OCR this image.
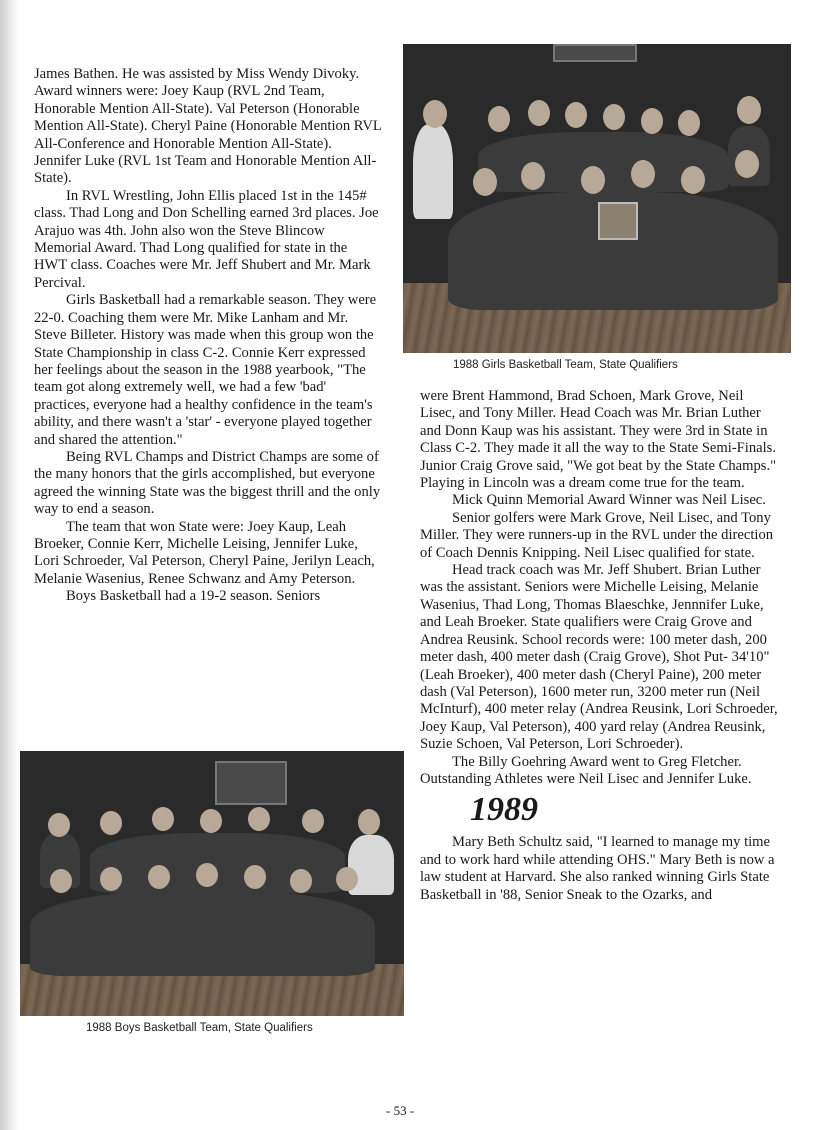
James Bathen. He was assisted by Miss Wendy Divoky. Award winners were: Joey Kaup (RVL 2nd Team, Honorable Mention All-State). Val Peterson (Honorable Mention All-State). Cheryl Paine (Honorable Mention RVL All-Conference and Honorable Mention All-State). Jennifer Luke (RVL 1st Team and Honorable Mention All-State).

In RVL Wrestling, John Ellis placed 1st in the 145# class. Thad Long and Don Schelling earned 3rd places. Joe Arajuo was 4th. John also won the Steve Blincow Memorial Award. Thad Long qualified for state in the HWT class. Coaches were Mr. Jeff Shubert and Mr. Mark Percival.

Girls Basketball had a remarkable season. They were 22-0. Coaching them were Mr. Mike Lanham and Mr. Steve Billeter. History was made when this group won the State Championship in class C-2. Connie Kerr expressed her feelings about the season in the 1988 yearbook, "The team got along extremely well, we had a few 'bad' practices, everyone had a healthy confidence in the team's ability, and there wasn't a 'star' - everyone played together and shared the attention."

Being RVL Champs and District Champs are some of the many honors that the girls accomplished, but everyone agreed the winning State was the biggest thrill and the only way to end a season.

The team that won State were: Joey Kaup, Leah Broeker, Connie Kerr, Michelle Leising, Jennifer Luke, Lori Schroeder, Val Peterson, Cheryl Paine, Jerilyn Leach, Melanie Wasenius, Renee Schwanz and Amy Peterson.

Boys Basketball had a 19-2 season. Seniors

1988 Girls Basketball Team, State Qualifiers

were Brent Hammond, Brad Schoen, Mark Grove, Neil Lisec, and Tony Miller. Head Coach was Mr. Brian Luther and Donn Kaup was his assistant. They were 3rd in State in Class C-2. They made it all the way to the State Semi-Finals. Junior Craig Grove said, "We got beat by the State Champs." Playing in Lincoln was a dream come true for the team.

Mick Quinn Memorial Award Winner was Neil Lisec.

Senior golfers were Mark Grove, Neil Lisec, and Tony Miller. They were runners-up in the RVL under the direction of Coach Dennis Knipping. Neil Lisec qualified for state.

Head track coach was Mr. Jeff Shubert. Brian Luther was the assistant. Seniors were Michelle Leising, Melanie Wasenius, Thad Long, Thomas Blaeschke, Jennnifer Luke, and Leah Broeker. State qualifiers were Craig Grove and Andrea Reusink. School records were: 100 meter dash, 200 meter dash, 400 meter dash (Craig Grove), Shot Put- 34'10" (Leah Broeker), 400 meter dash (Cheryl Paine), 200 meter dash (Val Peterson), 1600 meter run, 3200 meter run (Neil McInturf), 400 meter relay (Andrea Reusink, Lori Schroeder, Joey Kaup, Val Peterson), 400 yard relay (Andrea Reusink, Suzie Schoen, Val Peterson, Lori Schroeder).

The Billy Goehring Award went to Greg Fletcher. Outstanding Athletes were Neil Lisec and Jennifer Luke.

1989

Mary Beth Schultz said, "I learned to manage my time and to work hard while attending OHS." Mary Beth is now a law student at Harvard. She also ranked winning Girls State Basketball in '88, Senior Sneak to the Ozarks, and

1988 Boys Basketball Team, State Qualifiers
- 53 -
